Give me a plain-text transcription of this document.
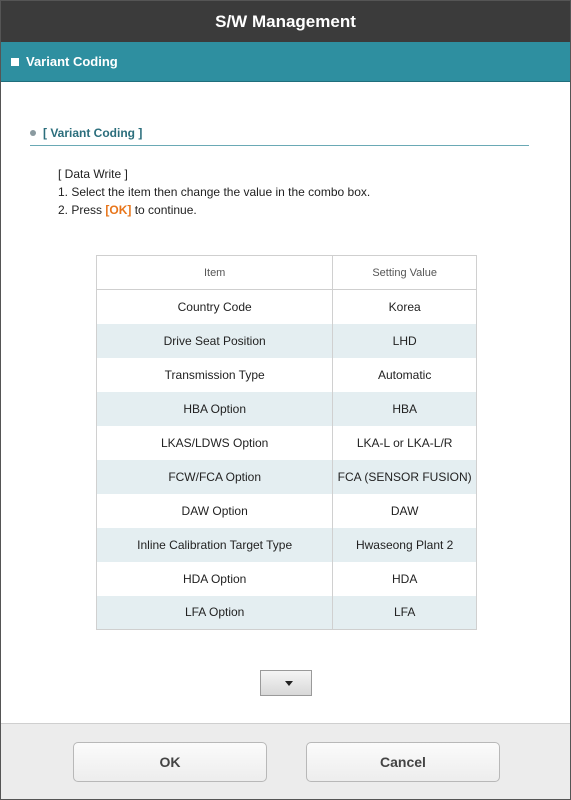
S/W Management
Variant Coding
[ Variant Coding ]
[ Data Write ]
1. Select the item then change the value in the combo box.
2. Press [OK] to continue.
Item	Setting Value
Country Code	Korea
Drive Seat Position	LHD
Transmission Type	Automatic
HBA Option	HBA
LKAS/LDWS Option	LKA-L or LKA-L/R
FCW/FCA Option	FCA (SENSOR FUSION)
DAW Option	DAW
Inline Calibration Target Type	Hwaseong Plant 2
HDA Option	HDA
LFA Option	LFA
OK	Cancel
